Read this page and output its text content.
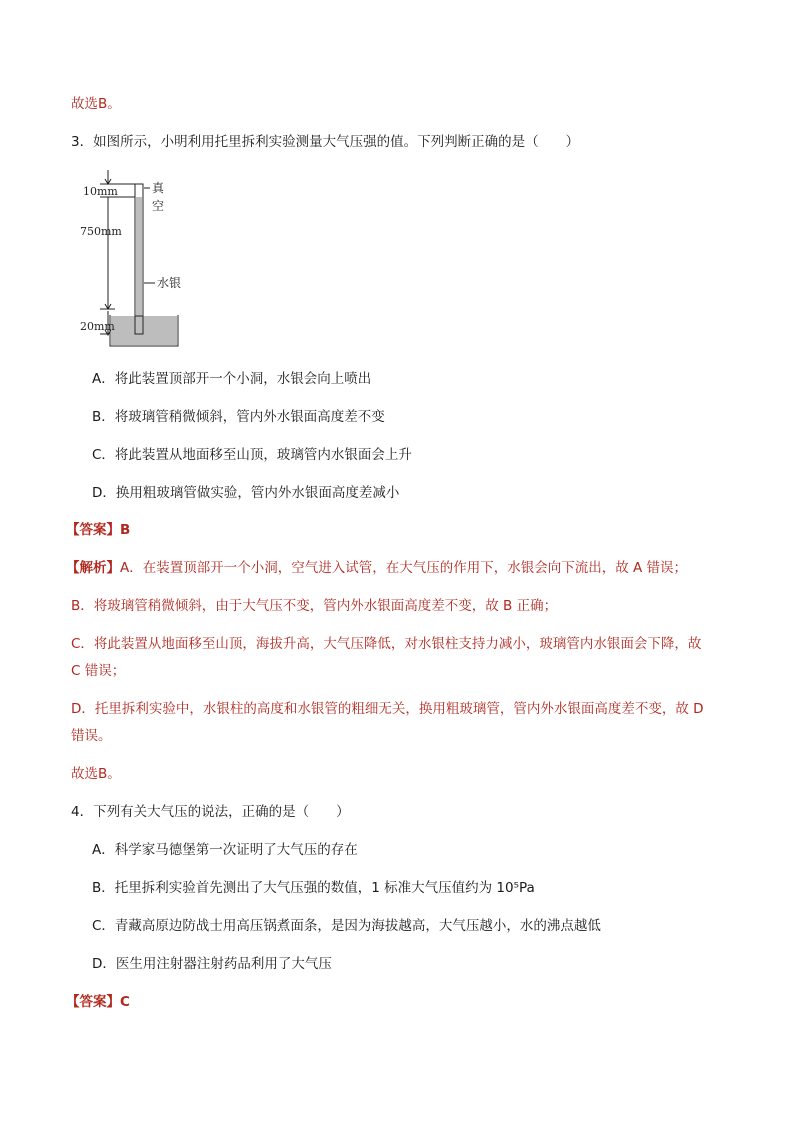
故选B。
3．如图所示，小明利用托里拆利实验测量大气压强的值。下列判断正确的是（　　）
10mm
750mm
20mm
真
空
水银
A．将此装置顶部开一个小洞，水银会向上喷出
B．将玻璃管稍微倾斜，管内外水银面高度差不变
C．将此装置从地面移至山顶，玻璃管内水银面会上升
D．换用粗玻璃管做实验，管内外水银面高度差减小
【答案】B
【解析】A．在装置顶部开一个小洞，空气进入试管，在大气压的作用下，水银会向下流出，故 A 错误；
B．将玻璃管稍微倾斜，由于大气压不变，管内外水银面高度差不变，故 B 正确；
C．将此装置从地面移至山顶，海拔升高，大气压降低，对水银柱支持力减小，玻璃管内水银面会下降，故
C 错误；
D．托里拆利实验中，水银柱的高度和水银管的粗细无关，换用粗玻璃管，管内外水银面高度差不变，故 D
错误。
故选B。
4．下列有关大气压的说法，正确的是（　　）
A．科学家马德堡第一次证明了大气压的存在
B．托里拆利实验首先测出了大气压强的数值，1 标准大气压值约为 10⁵Pa
C．青藏高原边防战士用高压锅煮面条，是因为海拔越高，大气压越小，水的沸点越低
D．医生用注射器注射药品利用了大气压
【答案】C
